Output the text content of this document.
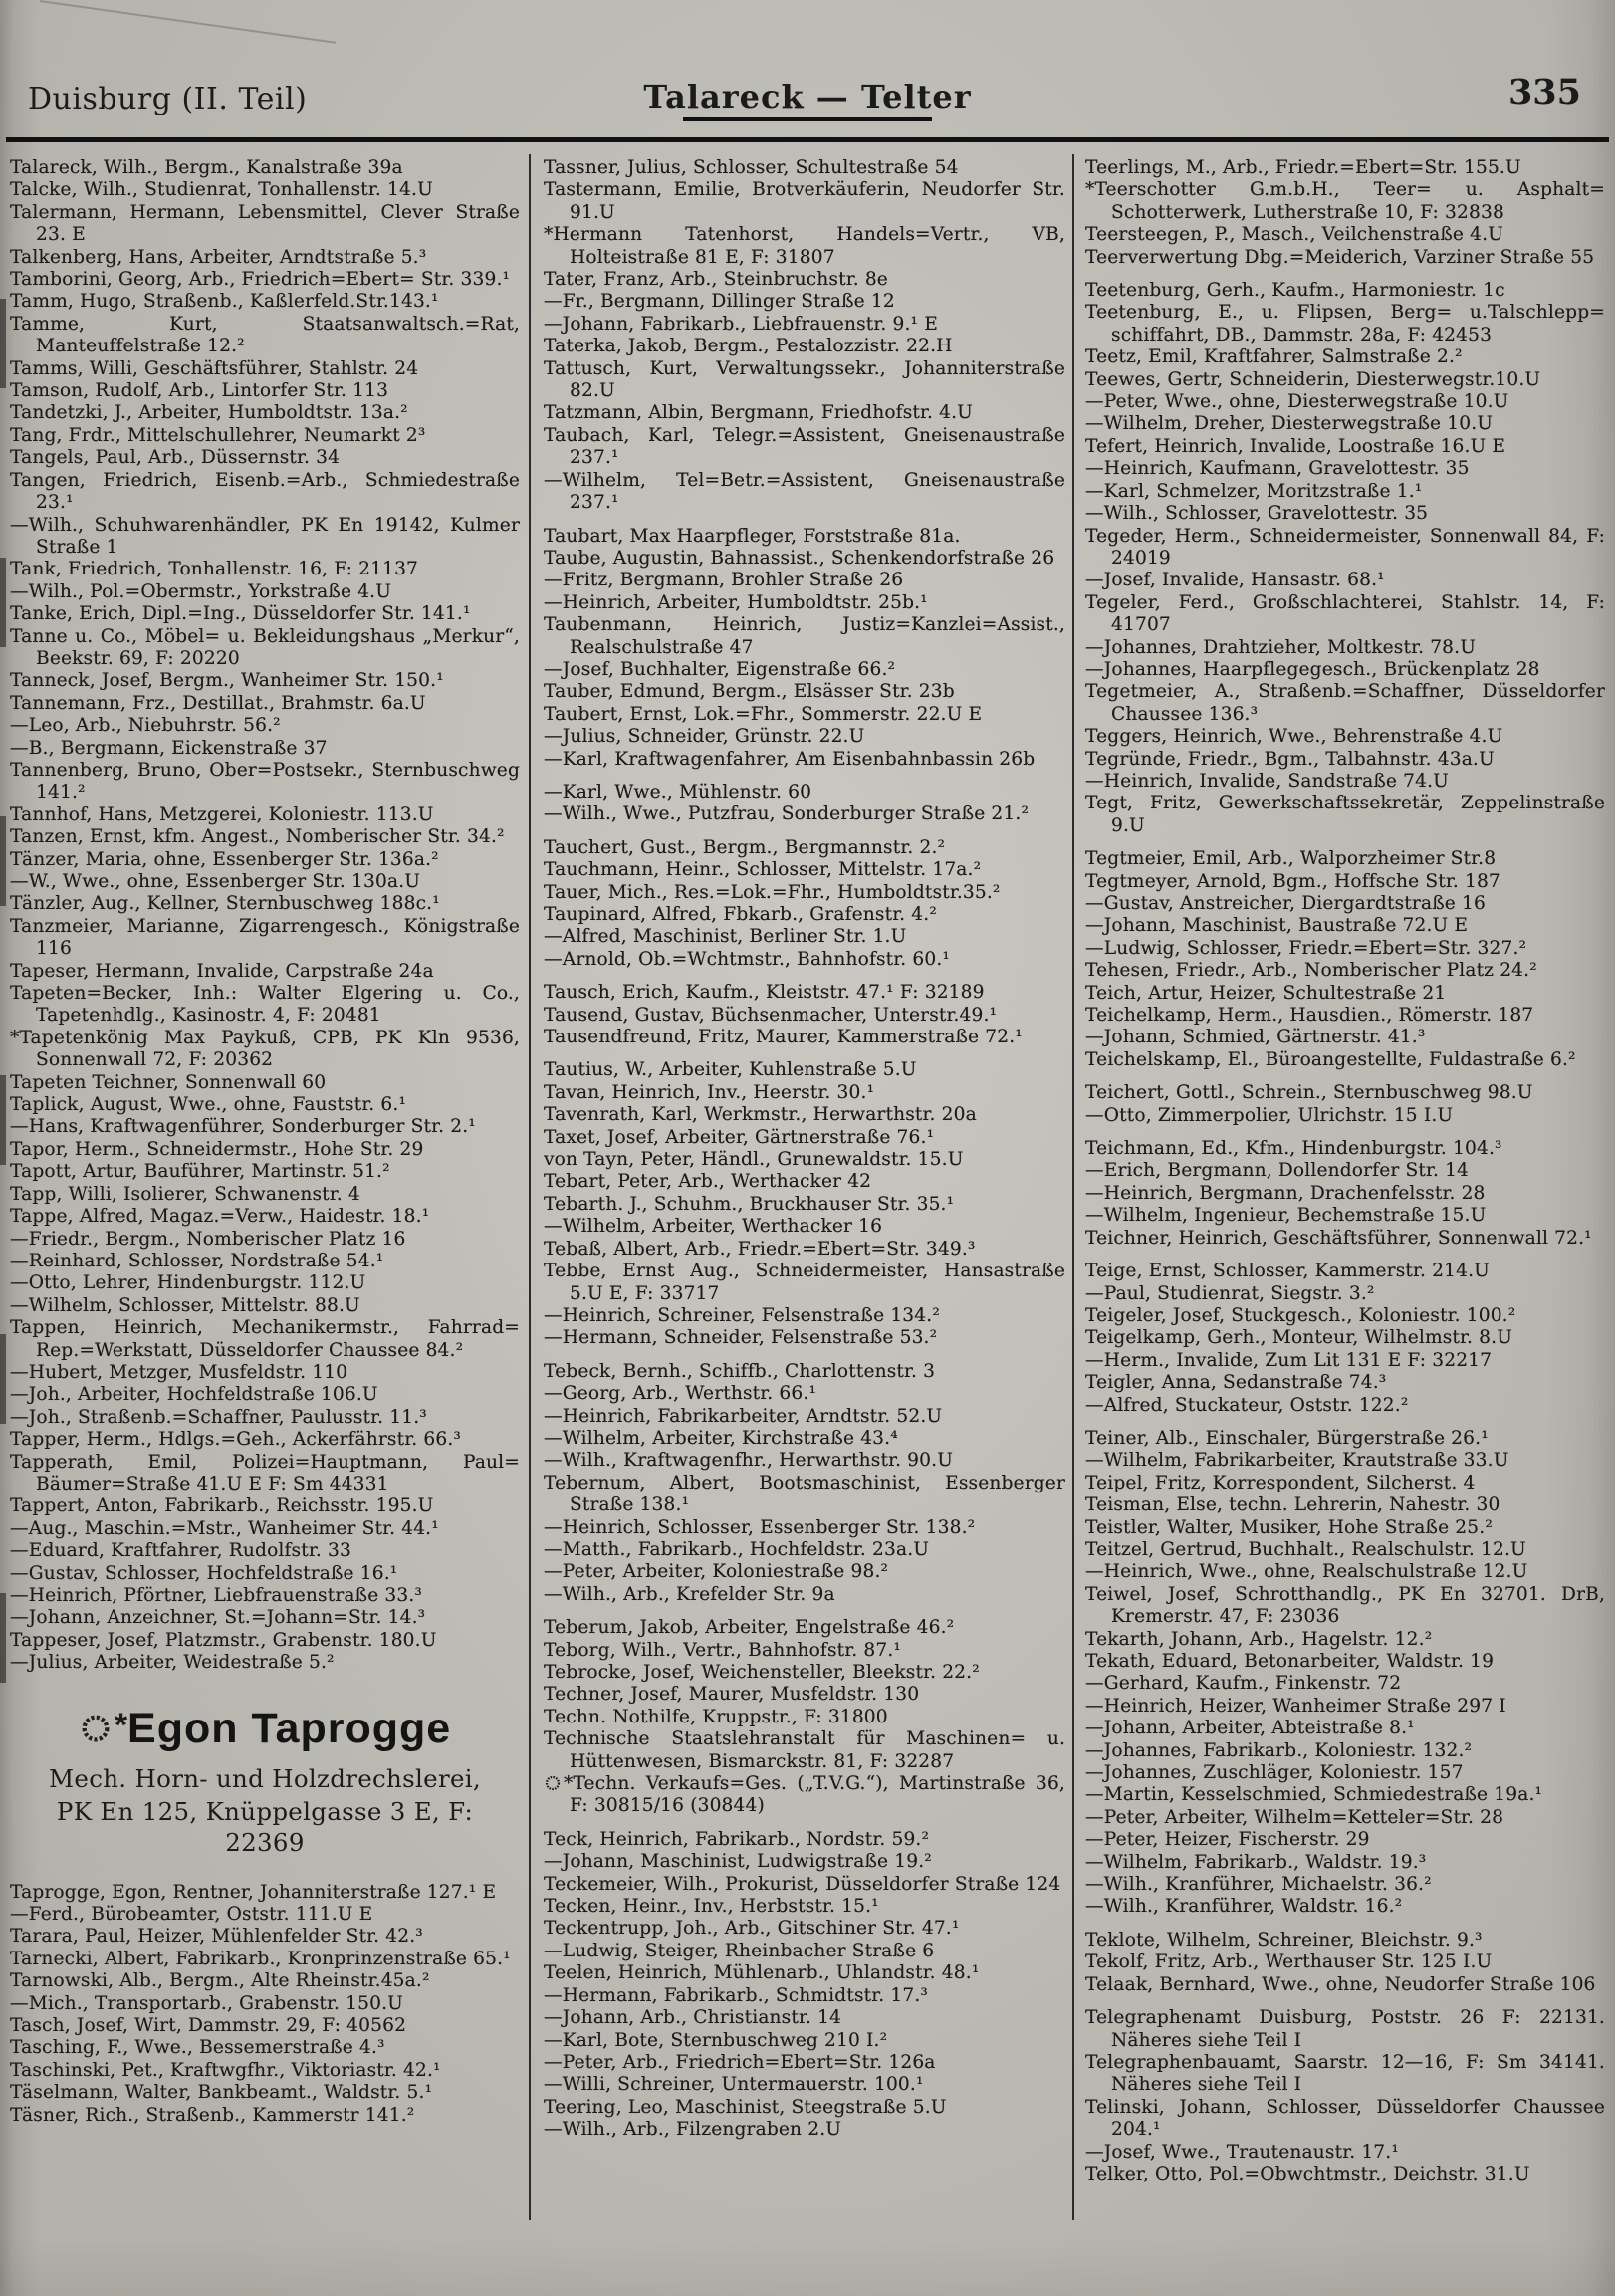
Duisburg (II. Teil)	Talareck — Telter	335
Talareck, Wilh., Bergm., Kanalstraße 39a
Talcke, Wilh., Studienrat, Tonhallenstr. 14.U
Talermann, Hermann, Lebensmittel, Clever Straße 23. E
Talkenberg, Hans, Arbeiter, Arndtstraße 5.³
Tamborini, Georg, Arb., Friedrich=Ebert= Str. 339.¹
Tamm, Hugo, Straßenb., Kaßlerfeld.Str.143.¹
Tamme, Kurt, Staatsanwaltsch.=Rat, Manteuffelstraße 12.²
Tamms, Willi, Geschäftsführer, Stahlstr. 24
Tamson, Rudolf, Arb., Lintorfer Str. 113
Tandetzki, J., Arbeiter, Humboldtstr. 13a.²
Tang, Frdr., Mittelschullehrer, Neumarkt 2³
Tangels, Paul, Arb., Düssernstr. 34
Tangen, Friedrich, Eisenb.=Arb., Schmiedestraße 23.¹
—Wilh., Schuhwarenhändler, PK En 19142, Kulmer Straße 1
Tank, Friedrich, Tonhallenstr. 16, F: 21137
—Wilh., Pol.=Obermstr., Yorkstraße 4.U
Tanke, Erich, Dipl.=Ing., Düsseldorfer Str. 141.¹
Tanne u. Co., Möbel= u. Bekleidungshaus „Merkur“, Beekstr. 69, F: 20220
Tanneck, Josef, Bergm., Wanheimer Str. 150.¹
Tannemann, Frz., Destillat., Brahmstr. 6a.U
—Leo, Arb., Niebuhrstr. 56.²
—B., Bergmann, Eickenstraße 37
Tannenberg, Bruno, Ober=Postsekr., Sternbuschweg 141.²
Tannhof, Hans, Metzgerei, Koloniestr. 113.U
Tanzen, Ernst, kfm. Angest., Nomberischer Str. 34.²
Tänzer, Maria, ohne, Essenberger Str. 136a.²
—W., Wwe., ohne, Essenberger Str. 130a.U
Tänzler, Aug., Kellner, Sternbuschweg 188c.¹
Tanzmeier, Marianne, Zigarrengesch., Königstraße 116
Tapeser, Hermann, Invalide, Carpstraße 24a
Tapeten=Becker, Inh.: Walter Elgering u. Co., Tapetenhdlg., Kasinostr. 4, F: 20481
*Tapetenkönig Max Paykuß, CPB, PK Kln 9536, Sonnenwall 72, F: 20362
Tapeten Teichner, Sonnenwall 60
Taplick, August, Wwe., ohne, Fauststr. 6.¹
—Hans, Kraftwagenführer, Sonderburger Str. 2.¹
Tapor, Herm., Schneidermstr., Hohe Str. 29
Tapott, Artur, Bauführer, Martinstr. 51.²
Tapp, Willi, Isolierer, Schwanenstr. 4
Tappe, Alfred, Magaz.=Verw., Haidestr. 18.¹
—Friedr., Bergm., Nomberischer Platz 16
—Reinhard, Schlosser, Nordstraße 54.¹
—Otto, Lehrer, Hindenburgstr. 112.U
—Wilhelm, Schlosser, Mittelstr. 88.U
Tappen, Heinrich, Mechanikermstr., Fahrrad= Rep.=Werkstatt, Düsseldorfer Chaussee 84.²
—Hubert, Metzger, Musfeldstr. 110
—Joh., Arbeiter, Hochfeldstraße 106.U
—Joh., Straßenb.=Schaffner, Paulusstr. 11.³
Tapper, Herm., Hdlgs.=Geh., Ackerfährstr. 66.³
Tapperath, Emil, Polizei=Hauptmann, Paul= Bäumer=Straße 41.U E F: Sm 44331
Tappert, Anton, Fabrikarb., Reichsstr. 195.U
—Aug., Maschin.=Mstr., Wanheimer Str. 44.¹
—Eduard, Kraftfahrer, Rudolfstr. 33
—Gustav, Schlosser, Hochfeldstraße 16.¹
—Heinrich, Pförtner, Liebfrauenstraße 33.³
—Johann, Anzeichner, St.=Johann=Str. 14.³
Tappeser, Josef, Platzmstr., Grabenstr. 180.U
—Julius, Arbeiter, Weidestraße 5.²
*Egon Taprogge
Mech. Horn- und Holzdrechslerei,
PK En 125, Knüppelgasse 3 E, F: 22369
Taprogge, Egon, Rentner, Johanniterstraße 127.¹ E
—Ferd., Bürobeamter, Oststr. 111.U E
Tarara, Paul, Heizer, Mühlenfelder Str. 42.³
Tarnecki, Albert, Fabrikarb., Kronprinzenstraße 65.¹
Tarnowski, Alb., Bergm., Alte Rheinstr.45a.²
—Mich., Transportarb., Grabenstr. 150.U
Tasch, Josef, Wirt, Dammstr. 29, F: 40562
Tasching, F., Wwe., Bessemerstraße 4.³
Taschinski, Pet., Kraftwgfhr., Viktoriastr. 42.¹
Täselmann, Walter, Bankbeamt., Waldstr. 5.¹
Täsner, Rich., Straßenb., Kammerstr 141.²
Tassner, Julius, Schlosser, Schultestraße 54
Tastermann, Emilie, Brotverkäuferin, Neudorfer Str. 91.U
*Hermann Tatenhorst, Handels=Vertr., VB, Holteistraße 81 E, F: 31807
Tater, Franz, Arb., Steinbruchstr. 8e
—Fr., Bergmann, Dillinger Straße 12
—Johann, Fabrikarb., Liebfrauenstr. 9.¹ E
Taterka, Jakob, Bergm., Pestalozzistr. 22.H
Tattusch, Kurt, Verwaltungssekr., Johanniterstraße 82.U
Tatzmann, Albin, Bergmann, Friedhofstr. 4.U
Taubach, Karl, Telegr.=Assistent, Gneisenaustraße 237.¹
—Wilhelm, Tel=Betr.=Assistent, Gneisenaustraße 237.¹
Taubart, Max Haarpfleger, Forststraße 81a.
Taube, Augustin, Bahnassist., Schenkendorfstraße 26
—Fritz, Bergmann, Brohler Straße 26
—Heinrich, Arbeiter, Humboldtstr. 25b.¹
Taubenmann, Heinrich, Justiz=Kanzlei=Assist., Realschulstraße 47
—Josef, Buchhalter, Eigenstraße 66.²
Tauber, Edmund, Bergm., Elsässer Str. 23b
Taubert, Ernst, Lok.=Fhr., Sommerstr. 22.U E
—Julius, Schneider, Grünstr. 22.U
—Karl, Kraftwagenfahrer, Am Eisenbahnbassin 26b
—Karl, Wwe., Mühlenstr. 60
—Wilh., Wwe., Putzfrau, Sonderburger Straße 21.²
Tauchert, Gust., Bergm., Bergmannstr. 2.²
Tauchmann, Heinr., Schlosser, Mittelstr. 17a.²
Tauer, Mich., Res.=Lok.=Fhr., Humboldtstr.35.²
Taupinard, Alfred, Fbkarb., Grafenstr. 4.²
—Alfred, Maschinist, Berliner Str. 1.U
—Arnold, Ob.=Wchtmstr., Bahnhofstr. 60.¹
Tausch, Erich, Kaufm., Kleiststr. 47.¹ F: 32189
Tausend, Gustav, Büchsenmacher, Unterstr.49.¹
Tausendfreund, Fritz, Maurer, Kammerstraße 72.¹
Tautius, W., Arbeiter, Kuhlenstraße 5.U
Tavan, Heinrich, Inv., Heerstr. 30.¹
Tavenrath, Karl, Werkmstr., Herwarthstr. 20a
Taxet, Josef, Arbeiter, Gärtnerstraße 76.¹
von Tayn, Peter, Händl., Grunewaldstr. 15.U
Tebart, Peter, Arb., Werthacker 42
Tebarth. J., Schuhm., Bruckhauser Str. 35.¹
—Wilhelm, Arbeiter, Werthacker 16
Tebaß, Albert, Arb., Friedr.=Ebert=Str. 349.³
Tebbe, Ernst Aug., Schneidermeister, Hansastraße 5.U E, F: 33717
—Heinrich, Schreiner, Felsenstraße 134.²
—Hermann, Schneider, Felsenstraße 53.²
Tebeck, Bernh., Schiffb., Charlottenstr. 3
—Georg, Arb., Werthstr. 66.¹
—Heinrich, Fabrikarbeiter, Arndtstr. 52.U
—Wilhelm, Arbeiter, Kirchstraße 43.⁴
—Wilh., Kraftwagenfhr., Herwarthstr. 90.U
Tebernum, Albert, Bootsmaschinist, Essenberger Straße 138.¹
—Heinrich, Schlosser, Essenberger Str. 138.²
—Matth., Fabrikarb., Hochfeldstr. 23a.U
—Peter, Arbeiter, Koloniestraße 98.²
—Wilh., Arb., Krefelder Str. 9a
Teberum, Jakob, Arbeiter, Engelstraße 46.²
Teborg, Wilh., Vertr., Bahnhofstr. 87.¹
Tebrocke, Josef, Weichensteller, Bleekstr. 22.²
Techner, Josef, Maurer, Musfeldstr. 130
Techn. Nothilfe, Kruppstr., F: 31800
Technische Staatslehranstalt für Maschinen= u. Hüttenwesen, Bismarckstr. 81, F: 32287
*Techn. Verkaufs=Ges. („T.V.G.“), Martinstraße 36, F: 30815/16 (30844)
Teck, Heinrich, Fabrikarb., Nordstr. 59.²
—Johann, Maschinist, Ludwigstraße 19.²
Teckemeier, Wilh., Prokurist, Düsseldorfer Straße 124
Tecken, Heinr., Inv., Herbststr. 15.¹
Teckentrupp, Joh., Arb., Gitschiner Str. 47.¹
—Ludwig, Steiger, Rheinbacher Straße 6
Teelen, Heinrich, Mühlenarb., Uhlandstr. 48.¹
—Hermann, Fabrikarb., Schmidtstr. 17.³
—Johann, Arb., Christianstr. 14
—Karl, Bote, Sternbuschweg 210 I.²
—Peter, Arb., Friedrich=Ebert=Str. 126a
—Willi, Schreiner, Untermauerstr. 100.¹
Teering, Leo, Maschinist, Steegstraße 5.U
—Wilh., Arb., Filzengraben 2.U
Teerlings, M., Arb., Friedr.=Ebert=Str. 155.U
*Teerschotter G.m.b.H., Teer= u. Asphalt= Schotterwerk, Lutherstraße 10, F: 32838
Teersteegen, P., Masch., Veilchenstraße 4.U
Teerverwertung Dbg.=Meiderich, Varziner Straße 55
Teetenburg, Gerh., Kaufm., Harmoniestr. 1c
Teetenburg, E., u. Flipsen, Berg= u.Talschlepp= schiffahrt, DB., Dammstr. 28a, F: 42453
Teetz, Emil, Kraftfahrer, Salmstraße 2.²
Teewes, Gertr, Schneiderin, Diesterwegstr.10.U
—Peter, Wwe., ohne, Diesterwegstraße 10.U
—Wilhelm, Dreher, Diesterwegstraße 10.U
Tefert, Heinrich, Invalide, Loostraße 16.U E
—Heinrich, Kaufmann, Gravelottestr. 35
—Karl, Schmelzer, Moritzstraße 1.¹
—Wilh., Schlosser, Gravelottestr. 35
Tegeder, Herm., Schneidermeister, Sonnenwall 84, F: 24019
—Josef, Invalide, Hansastr. 68.¹
Tegeler, Ferd., Großschlachterei, Stahlstr. 14, F: 41707
—Johannes, Drahtzieher, Moltkestr. 78.U
—Johannes, Haarpflegegesch., Brückenplatz 28
Tegetmeier, A., Straßenb.=Schaffner, Düsseldorfer Chaussee 136.³
Teggers, Heinrich, Wwe., Behrenstraße 4.U
Tegründe, Friedr., Bgm., Talbahnstr. 43a.U
—Heinrich, Invalide, Sandstraße 74.U
Tegt, Fritz, Gewerkschaftssekretär, Zeppelinstraße 9.U
Tegtmeier, Emil, Arb., Walporzheimer Str.8
Tegtmeyer, Arnold, Bgm., Hoffsche Str. 187
—Gustav, Anstreicher, Diergardtstraße 16
—Johann, Maschinist, Baustraße 72.U E
—Ludwig, Schlosser, Friedr.=Ebert=Str. 327.²
Tehesen, Friedr., Arb., Nomberischer Platz 24.²
Teich, Artur, Heizer, Schultestraße 21
Teichelkamp, Herm., Hausdien., Römerstr. 187
—Johann, Schmied, Gärtnerstr. 41.³
Teichelskamp, El., Büroangestellte, Fuldastraße 6.²
Teichert, Gottl., Schrein., Sternbuschweg 98.U
—Otto, Zimmerpolier, Ulrichstr. 15 I.U
Teichmann, Ed., Kfm., Hindenburgstr. 104.³
—Erich, Bergmann, Dollendorfer Str. 14
—Heinrich, Bergmann, Drachenfelsstr. 28
—Wilhelm, Ingenieur, Bechemstraße 15.U
Teichner, Heinrich, Geschäftsführer, Sonnenwall 72.¹
Teige, Ernst, Schlosser, Kammerstr. 214.U
—Paul, Studienrat, Siegstr. 3.²
Teigeler, Josef, Stuckgesch., Koloniestr. 100.²
Teigelkamp, Gerh., Monteur, Wilhelmstr. 8.U
—Herm., Invalide, Zum Lit 131 E F: 32217
Teigler, Anna, Sedanstraße 74.³
—Alfred, Stuckateur, Oststr. 122.²
Teiner, Alb., Einschaler, Bürgerstraße 26.¹
—Wilhelm, Fabrikarbeiter, Krautstraße 33.U
Teipel, Fritz, Korrespondent, Silcherst. 4
Teisman, Else, techn. Lehrerin, Nahestr. 30
Teistler, Walter, Musiker, Hohe Straße 25.²
Teitzel, Gertrud, Buchhalt., Realschulstr. 12.U
—Heinrich, Wwe., ohne, Realschulstraße 12.U
Teiwel, Josef, Schrotthandlg., PK En 32701. DrB, Kremerstr. 47, F: 23036
Tekarth, Johann, Arb., Hagelstr. 12.²
Tekath, Eduard, Betonarbeiter, Waldstr. 19
—Gerhard, Kaufm., Finkenstr. 72
—Heinrich, Heizer, Wanheimer Straße 297 I
—Johann, Arbeiter, Abteistraße 8.¹
—Johannes, Fabrikarb., Koloniestr. 132.²
—Johannes, Zuschläger, Koloniestr. 157
—Martin, Kesselschmied, Schmiedestraße 19a.¹
—Peter, Arbeiter, Wilhelm=Ketteler=Str. 28
—Peter, Heizer, Fischerstr. 29
—Wilhelm, Fabrikarb., Waldstr. 19.³
—Wilh., Kranführer, Michaelstr. 36.²
—Wilh., Kranführer, Waldstr. 16.²
Teklote, Wilhelm, Schreiner, Bleichstr. 9.³
Tekolf, Fritz, Arb., Werthauser Str. 125 I.U
Telaak, Bernhard, Wwe., ohne, Neudorfer Straße 106
Telegraphenamt Duisburg, Poststr. 26 F: 22131. Näheres siehe Teil I
Telegraphenbauamt, Saarstr. 12—16, F: Sm 34141. Näheres siehe Teil I
Telinski, Johann, Schlosser, Düsseldorfer Chaussee 204.¹
—Josef, Wwe., Trautenaustr. 17.¹
Telker, Otto, Pol.=Obwchtmstr., Deichstr. 31.U
